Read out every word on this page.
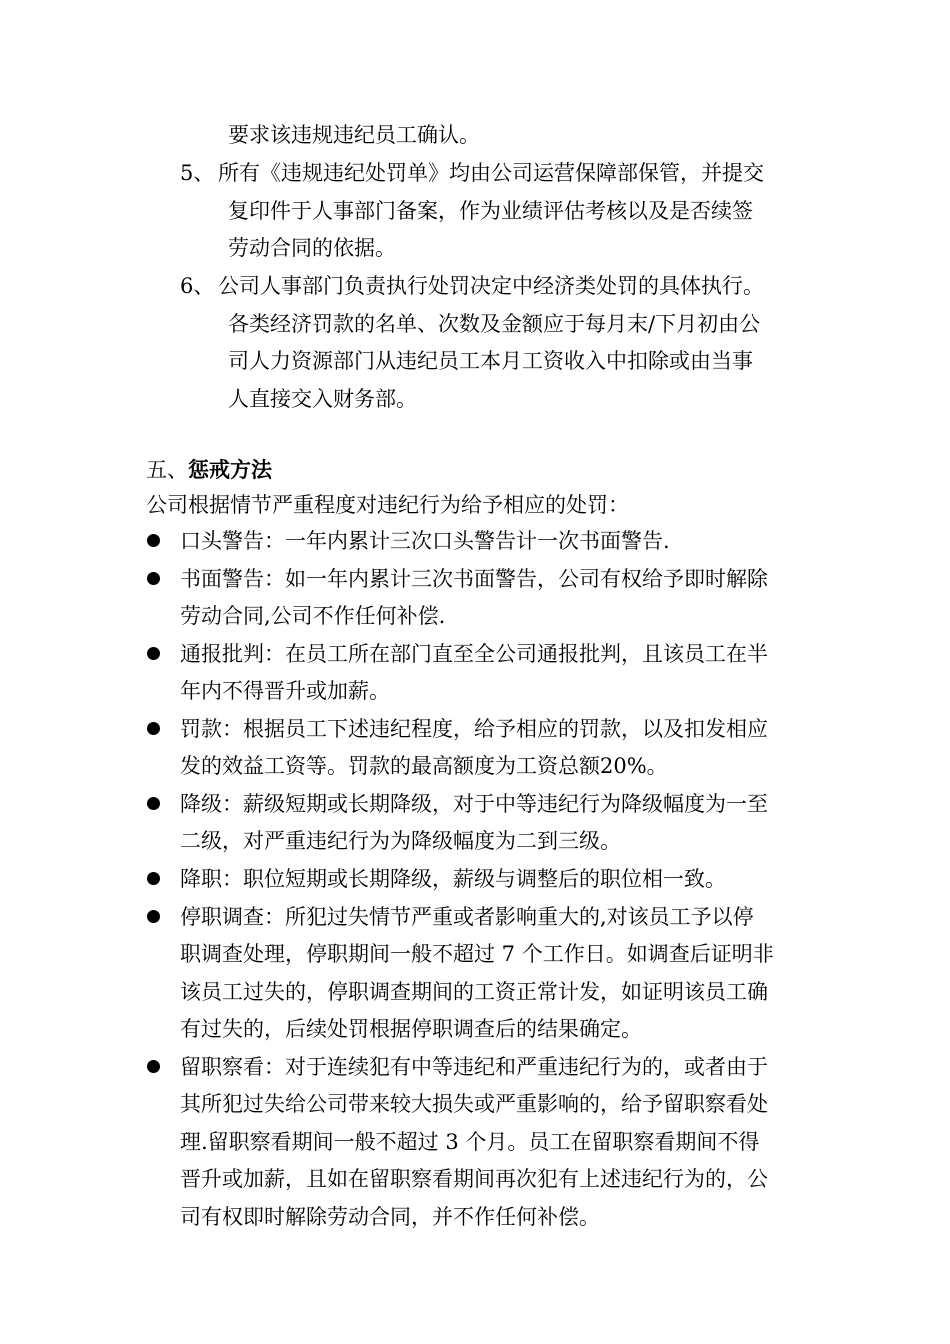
要求该违规违纪员工确认。
5、 所有《违规违纪处罚单》均由公司运营保障部保管，并提交
复印件于人事部门备案，作为业绩评估考核以及是否续签
劳动合同的依据。
6、 公司人事部门负责执行处罚决定中经济类处罚的具体执行。
各类经济罚款的名单、次数及金额应于每月末/下月初由公
司人力资源部门从违纪员工本月工资收入中扣除或由当事
人直接交入财务部。
五、惩戒方法
公司根据情节严重程度对违纪行为给予相应的处罚：
口头警告：一年内累计三次口头警告计一次书面警告.
书面警告：如一年内累计三次书面警告，公司有权给予即时解除
劳动合同,公司不作任何补偿.
通报批判：在员工所在部门直至全公司通报批判，且该员工在半
年内不得晋升或加薪。
罚款：根据员工下述违纪程度，给予相应的罚款，以及扣发相应
发的效益工资等。罚款的最高额度为工资总额20%。
降级：薪级短期或长期降级，对于中等违纪行为降级幅度为一至
二级，对严重违纪行为为降级幅度为二到三级。
降职：职位短期或长期降级，薪级与调整后的职位相一致。
停职调查：所犯过失情节严重或者影响重大的,对该员工予以停
职调查处理，停职期间一般不超过 7 个工作日。如调查后证明非
该员工过失的，停职调查期间的工资正常计发，如证明该员工确
有过失的，后续处罚根据停职调查后的结果确定。
留职察看：对于连续犯有中等违纪和严重违纪行为的，或者由于
其所犯过失给公司带来较大损失或严重影响的，给予留职察看处
理.留职察看期间一般不超过 3 个月。员工在留职察看期间不得
晋升或加薪，且如在留职察看期间再次犯有上述违纪行为的，公
司有权即时解除劳动合同，并不作任何补偿。
